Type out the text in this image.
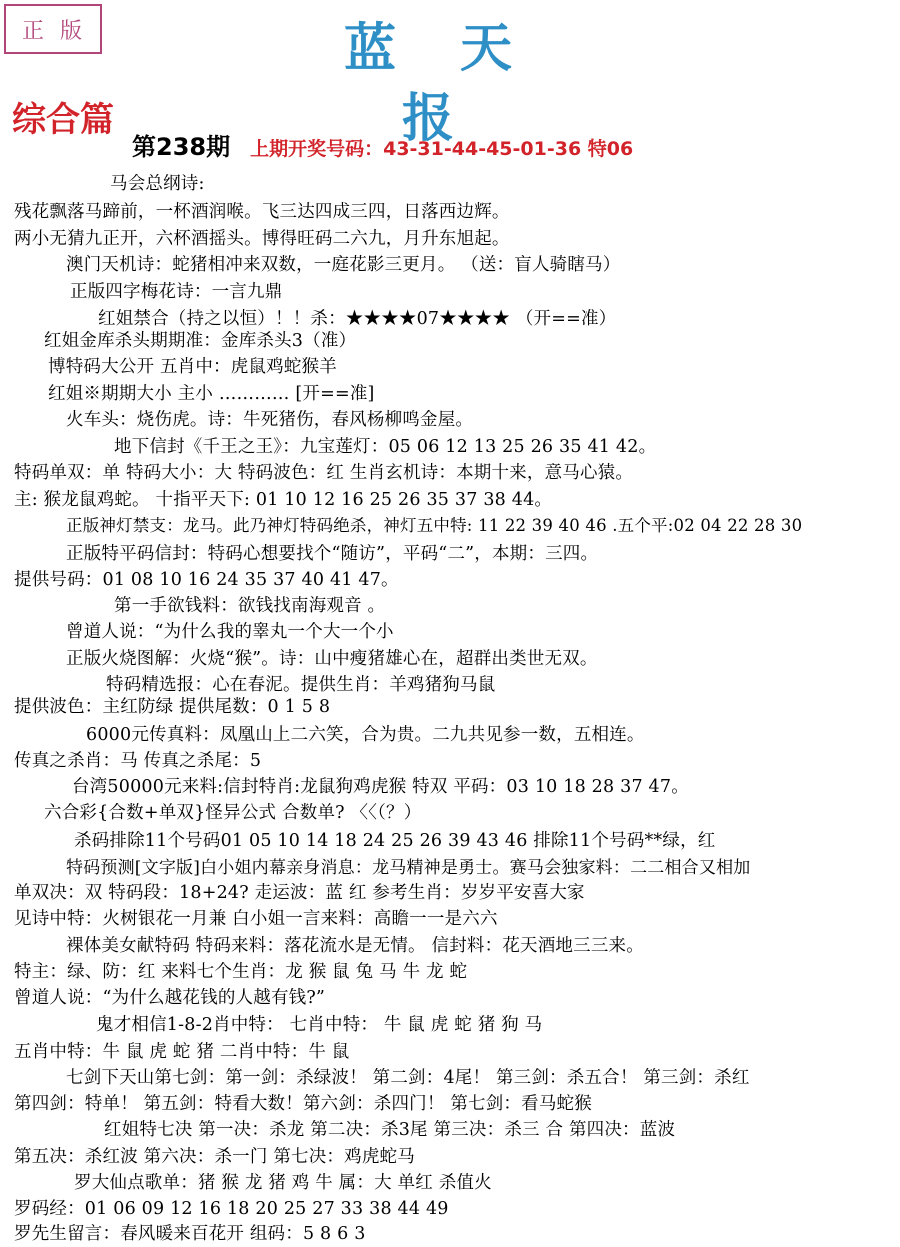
正版	蓝天报
综合篇
第238期 上期开奖号码：43-31-44-45-01-36 特06
马会总纲诗:
残花飘落马蹄前，一杯酒润喉。飞三达四成三四，日落西边辉。
两小无猜九正开，六杯酒摇头。博得旺码二六九，月升东旭起。
澳门天机诗：蛇猪相冲来双数，一庭花影三更月。 （送：盲人骑瞎马）
正版四字梅花诗：一言九鼎
红姐禁合（持之以恒）！！杀：★★★★07★★★★ （开==准）
红姐金库杀头期期准：金库杀头3（准）
博特码大公开 五肖中：虎鼠鸡蛇猴羊
红姐※期期大小 主小 ………… [开==准]
火车头：烧伤虎。诗：牛死猪伤，春风杨柳鸣金屋。
地下信封《千王之王》：九宝莲灯：05 06 12 13 25 26 35 41 42。
特码单双：单 特码大小：大 特码波色：红 生肖玄机诗：本期十来，意马心猿。
主: 猴龙鼠鸡蛇。 十指平天下: 01 10 12 16 25 26 35 37 38 44。
正版神灯禁支：龙马。此乃神灯特码绝杀，神灯五中特: 11 22 39 40 46 .五个平:02 04 22 28 30
正版特平码信封：特码心想要找个“随访”，平码“二”，本期：三四。
提供号码：01 08 10 16 24 35 37 40 41 47。
第一手欲钱料：欲钱找南海观音 。
曾道人说：“为什么我的睾丸一个大一个小
正版火烧图解：火烧“猴”。诗：山中瘦猪雄心在，超群出类世无双。
特码精选报：心在春泥。提供生肖：羊鸡猪狗马鼠
提供波色：主红防绿 提供尾数：0 1 5 8
6000元传真料：凤凰山上二六笑，合为贵。二九共见参一数，五相连。
传真之杀肖：马 传真之杀尾：5
台湾50000元来料:信封特肖:龙鼠狗鸡虎猴 特双 平码：03 10 18 28 37 47。
六合彩{合数+单双}怪异公式 合数单? 〈〈（？）
杀码排除11个号码01 05 10 14 18 24 25 26 39 43 46 排除11个号码**绿，红
特码预测[文字版]白小姐内幕亲身消息：龙马精神是勇士。赛马会独家料：二二相合又相加
单双决：双 特码段：18+24? 走运波：蓝 红 参考生肖：岁岁平安喜大家
见诗中特：火树银花一月兼 白小姐一言来料：高瞻一一是六六
裸体美女献特码 特码来料：落花流水是无情。 信封料：花天酒地三三来。
特主：绿、防：红 来料七个生肖：龙 猴 鼠 兔 马 牛 龙 蛇
曾道人说：“为什么越花钱的人越有钱?”
鬼才相信1-8-2肖中特： 七肖中特： 牛 鼠 虎 蛇 猪 狗 马
五肖中特：牛 鼠 虎 蛇 猪 二肖中特：牛 鼠
七剑下天山第七剑：第一剑：杀绿波！ 第二剑：4尾！ 第三剑：杀五合！ 第三剑：杀红
第四剑：特单！ 第五剑：特看大数！第六剑：杀四门！ 第七剑：看马蛇猴
红姐特七决 第一决：杀龙 第二决：杀3尾 第三决：杀三 合 第四决：蓝波
第五决：杀红波 第六决：杀一门 第七决：鸡虎蛇马
罗大仙点歌单：猪 猴 龙 猪 鸡 牛 属：大 单红 杀值火
罗码经：01 06 09 12 16 18 20 25 27 33 38 44 49
罗先生留言：春风暖来百花开 组码：5 8 6 3
